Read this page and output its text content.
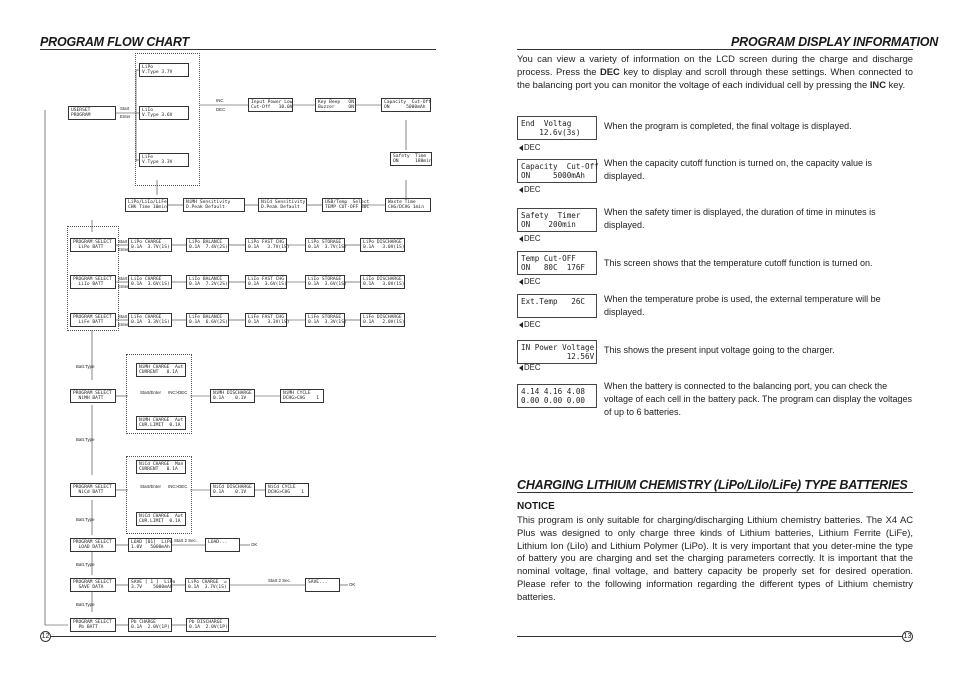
PROGRAM FLOW CHART
USERSET
PROGRAM
LiPo
V.Type 3.7V
LiIo
V.Type 3.6V
LiFe
V.Type 3.3V
Input Power Low
Cut-Off   10.0V
Key Beep   ON
Buzzer     ON
Capacity  Cut-Off
ON      5000mAh
Safety  Time
ON      180min
Waste Time
CHG/DCHG 1min
USB/Temp  Select
TEMP CUT-OFF 80C
NiCd Sensitivity
D.Peak Default
NiMH Sensitivity
D.Peak Default
LiPo/LiIo/LiFe
CHK Time 10min
PROGRAM SELECT
LiPo BATT
LiPo CHARGE
0.1A  3.7V(1S)
LiPo BALANCE
0.1A  7.4V(2S)
LiPo FAST CHG
0.1A   3.7V(1S)
LiPo STORAGE
0.1A  3.7V(1S)
LiPo DISCHARGE
0.1A   3.0V(1S)
PROGRAM SELECT
LiIo BATT
LiIo CHARGE
0.1A  3.6V(1S)
LiIo BALANCE
0.1A  7.2V(2S)
LiIo FAST CHG
0.1A  3.6V(1S)
LiIo STORAGE
0.1A  3.6V(1S)
LiIo DISCHARGE
0.1A   3.0V(1S)
PROGRAM SELECT
LiFe BATT
LiFe CHARGE
0.1A  3.3V(1S)
LiFe BALANCE
0.1A  6.6V(2S)
LiFe FAST CHG
0.1A   3.3V(1S)
LiFe STORAGE
0.1A  3.3V(1S)
LiFe DISCHARGE
0.1A   2.0V(1S)
PROGRAM SELECT
NiMH BATT
NiMH CHARGE  Aut
CURRENT   0.1A
NiMH CHARGE  Aut
CUR.LIMIT  0.1A
NiMH DISCHARGE
0.1A    0.1V
NiMH CYCLE
DCHG>CHG    1
PROGRAM SELECT
NiCd BATT
NiCd CHARGE  Man
CURRENT   0.1A
NiCd CHARGE  Aut
CUR.LIMIT  0.1A
NiCd DISCHARGE
0.1A    0.1V
NiCd CYCLE
DCHG>CHG    1
PROGRAM SELECT
LOAD DATA
LOAD [01]  LiPo
1.0V   5000mAh
LOAD...	OK
PROGRAM SELECT
SAVE DATA
SAVE [ 1 ]  LiPo
3.7V    5000mAh
LiPo CHARGE  =
0.1A  3.7V(1S)
SAVE...	OK
PROGRAM SELECT
Pb BATT
Pb CHARGE
0.1A  2.0V(1P)
Pb DISCHARGE
0.1A  2.0V(1P)
Start
Enter
INC
DEC
Start
Enter
Start
Enter
Start
Enter
Batt.Type
Batt.Type
Batt.Type
Batt.Type
Batt.Type
Start/Enter INC>DEC
Start/Enter INC>DEC
Start 2 Sec.
Start 2 Sec.
12
PROGRAM DISPLAY INFORMATION
You can view a variety of information on the LCD screen during the charge and discharge process. Press the DEC key to display and scroll through these settings. When connected to the balancing port you can monitor the voltage of each individual cell by pressing the INC key.
End  Voltag
12.6v(3s)
When the program is completed, the final voltage is displayed.
DEC
Capacity  Cut-Off
ON     5000mAh
When the capacity cutoff function is turned on, the capacity value is displayed.
DEC
Safety  Timer
ON    200min
When the safety timer is displayed, the duration of time in minutes is displayed.
DEC
Temp Cut-OFF
ON   80C  176F	This screen shows that the temperature cutoff function is turned on.
DEC
Ext.Temp   26C	When the temperature probe is used, the external temperature will be displayed.
DEC
IN Power Voltage
12.56V
This shows the present input voltage going to the charger.
DEC
4.14 4.16 4.08
0.00 0.00 0.00
When the battery is connected to the balancing port, you can check the voltage of each cell in the battery pack. The program can display the voltages of up to 6 batteries.
CHARGING LITHIUM CHEMISTRY (LiPo/Lilo/LiFe) TYPE BATTERIES
NOTICE
This program is only suitable for charging/discharging Lithium chemistry batteries. The X4 AC Plus was designed to only charge three kinds of Lithium batteries, Lithium Ferrite (LiFe), Lithium Ion (LiIo) and Lithium Polymer (LiPo). It is very important that you deter-mine the type of battery you are charging and set the charging parameters correctly. It is important that the nominal voltage, final voltage, and battery capacity be properly set for desired operation. Please refer to the following information regarding the different types of Lithium chemistry batteries.
13
